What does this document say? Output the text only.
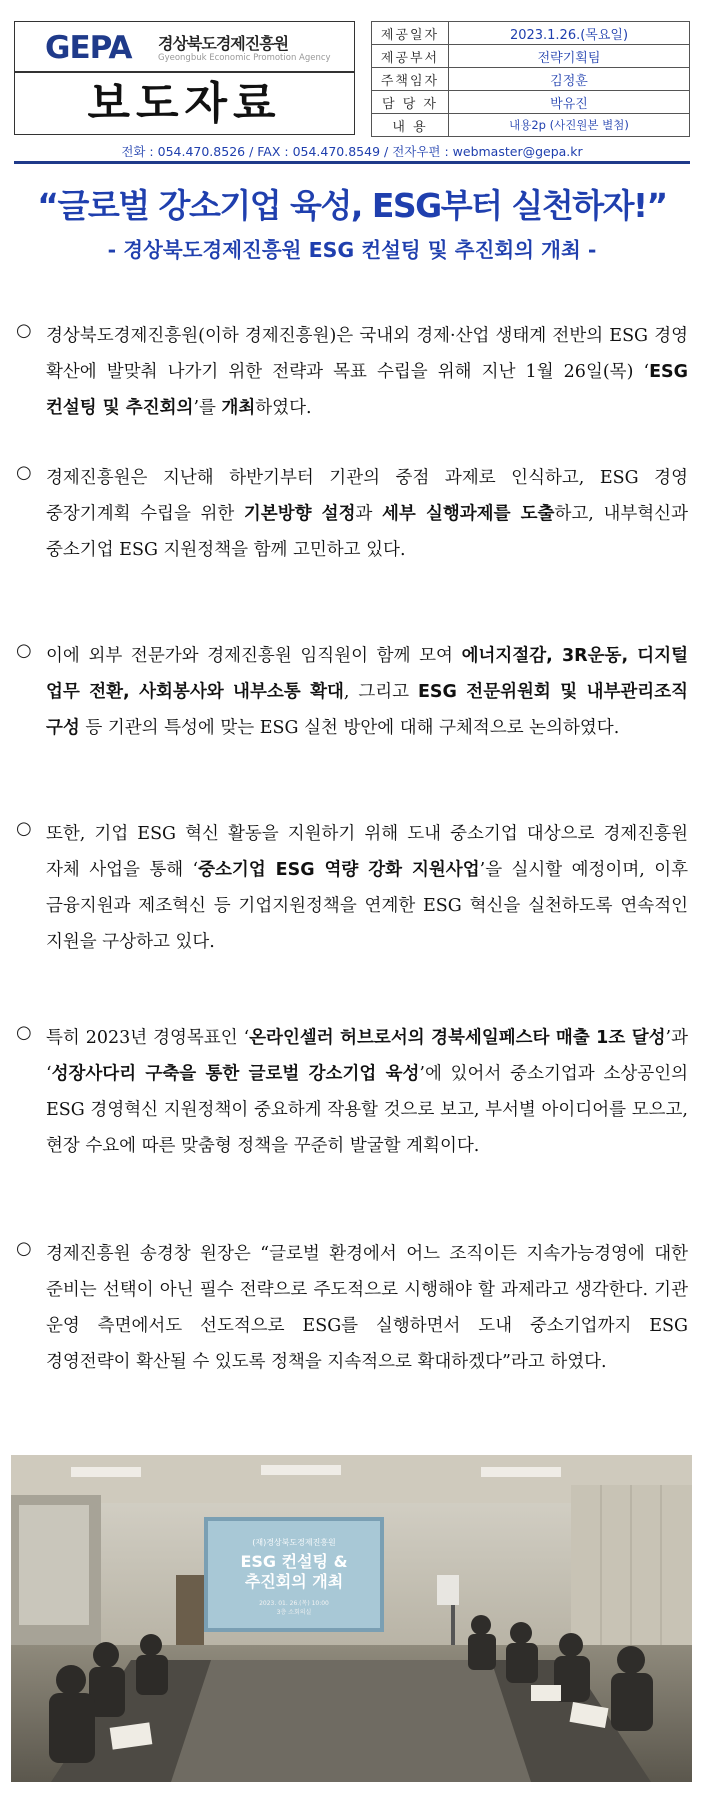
GEPA 경상북도경제진흥원
Gyeongbuk Economic Promotion Agency
보도자료
제공일자	2023.1.26.(목요일)
제공부서	전략기획팀
주책임자	김정훈
담 당 자	박유진
내 용	내용2p (사진원본 별첨)
전화 : 054.470.8526 / FAX : 054.470.8549 / 전자우편 : webmaster@gepa.kr
“글로벌 강소기업 육성, ESG부터 실천하자!”
- 경상북도경제진흥원 ESG 컨설팅 및 추진회의 개최 -
○ 경상북도경제진흥원(이하 경제진흥원)은 국내외 경제·산업 생태계 전반의 ESG 경영 확산에 발맞춰 나가기 위한 전략과 목표 수립을 위해 지난 1월 26일(목) ‘ESG 컨설팅 및 추진회의’를 개최하였다.
○ 경제진흥원은 지난해 하반기부터 기관의 중점 과제로 인식하고, ESG 경영 중장기계획 수립을 위한 기본방향 설정과 세부 실행과제를 도출하고, 내부혁신과 중소기업 ESG 지원정책을 함께 고민하고 있다.
○ 이에 외부 전문가와 경제진흥원 임직원이 함께 모여 에너지절감, 3R운동, 디지털 업무 전환, 사회봉사와 내부소통 확대, 그리고 ESG 전문위원회 및 내부관리조직 구성 등 기관의 특성에 맞는 ESG 실천 방안에 대해 구체적으로 논의하였다.
○ 또한, 기업 ESG 혁신 활동을 지원하기 위해 도내 중소기업 대상으로 경제진흥원 자체 사업을 통해 ‘중소기업 ESG 역량 강화 지원사업’을 실시할 예정이며, 이후 금융지원과 제조혁신 등 기업지원정책을 연계한 ESG 혁신을 실천하도록 연속적인 지원을 구상하고 있다.
○ 특히 2023년 경영목표인 ‘온라인셀러 허브로서의 경북세일페스타 매출 1조 달성’과 ‘성장사다리 구축을 통한 글로벌 강소기업 육성’에 있어서 중소기업과 소상공인의 ESG 경영혁신 지원정책이 중요하게 작용할 것으로 보고, 부서별 아이디어를 모으고, 현장 수요에 따른 맞춤형 정책을 꾸준히 발굴할 계획이다.
○ 경제진흥원 송경창 원장은 “글로벌 환경에서 어느 조직이든 지속가능경영에 대한 준비는 선택이 아닌 필수 전략으로 주도적으로 시행해야 할 과제라고 생각한다. 기관 운영 측면에서도 선도적으로 ESG를 실행하면서 도내 중소기업까지 ESG 경영전략이 확산될 수 있도록 정책을 지속적으로 확대하겠다”라고 하였다.
(재)경상북도경제진흥원
ESG 컨설팅 &
추진회의 개최
2023. 01. 26.(목) 10:00
3층 소회의실
